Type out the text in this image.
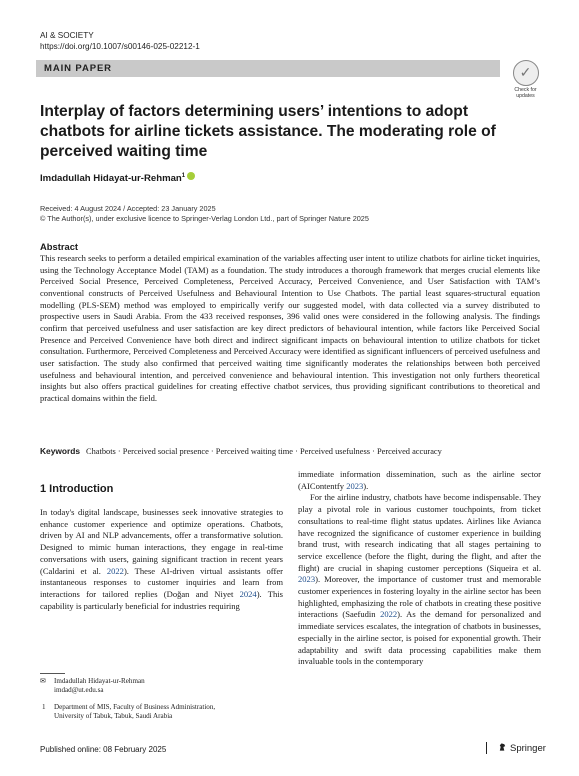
AI & SOCIETY
https://doi.org/10.1007/s00146-025-02212-1
MAIN PAPER	✓
Check for updates
Interplay of factors determining users’ intentions to adopt chatbots for airline tickets assistance. The moderating role of perceived waiting time
Imdadullah Hidayat-ur-Rehman$^1$
Received: 4 August 2024 / Accepted: 23 January 2025
© The Author(s), under exclusive licence to Springer-Verlag London Ltd., part of Springer Nature 2025
Abstract

This research seeks to perform a detailed empirical examination of the variables affecting user intent to utilize chatbots for airline ticket inquiries, using the Technology Acceptance Model (TAM) as a foundation. The study introduces a thorough framework that merges crucial elements like Perceived Social Presence, Perceived Completeness, Perceived Accuracy, Perceived Convenience, and User Satisfaction with TAM’s conventional constructs of Perceived Usefulness and Behavioural Intention to Use Chatbots. The partial least squares-structural equation modelling (PLS-SEM) method was employed to empirically verify our suggested model, with data collected via a survey distributed to prospective users in Saudi Arabia. From the 433 received responses, 396 valid ones were considered in the following analysis. The findings confirm that perceived usefulness and user satisfaction are key direct predictors of behavioural intention, while factors like Perceived Social Presence and Perceived Convenience have both direct and indirect significant impacts on behavioural intention to utilize chatbots for ticket consultation. Furthermore, Perceived Completeness and Perceived Accuracy were identified as significant influencers of perceived usefulness and user satisfaction. The study also confirmed that perceived waiting time significantly moderates the relationships between both perceived usefulness and behavioural intention, and perceived convenience and behavioural intention. This investigation not only furthers theoretical insights but also offers practical guidelines for creating effective chatbot services, thus providing significant contributions to theoretical and practical domains within the field.

Keywords Chatbots · Perceived social presence · Perceived waiting time · Perceived usefulness · Perceived accuracy
1 Introduction

In today's digital landscape, businesses seek innovative strategies to enhance customer experience and optimize operations. Chatbots, driven by AI and NLP advancements, offer a transformative solution. Designed to mimic human interactions, they engage in real-time conversations with users, gaining significant traction in recent years (Caldarini et al. 2022). These AI-driven virtual assistants offer instantaneous responses to customer inquiries and learn from interactions for tailored replies (Doğan and Niyet 2024). This capability is particularly beneficial for industries requiring

immediate information dissemination, such as the airline sector (AIContentfy 2023).

For the airline industry, chatbots have become indispensable. They play a pivotal role in various customer touchpoints, from ticket consultations to real-time flight status updates. Airlines like Avianca have recognized the significance of customer experience in building brand trust, with research indicating that all stages pertaining to service excellence (before the flight, during the flight, and after the flight) are crucial in shaping customer perceptions (Siqueira et al. 2023). Moreover, the importance of customer trust and memorable customer experiences in fostering loyalty in the airline sector has been highlighted, emphasizing the role of chatbots in creating these positive interactions (Saefudin 2022). As the demand for personalized and immediate services escalates, the integration of chatbots in businesses, especially in the airline sector, is poised for exponential growth. Their adaptability and swift data processing capabilities make them invaluable tools in the contemporary

✉ Imdadullah Hidayat-ur-Rehman
imdad@ut.edu.sa
1 Department of MIS, Faculty of Business Administration,
University of Tabuk, Tabuk, Saudi Arabia
Published online: 08 February 2025	Springer
